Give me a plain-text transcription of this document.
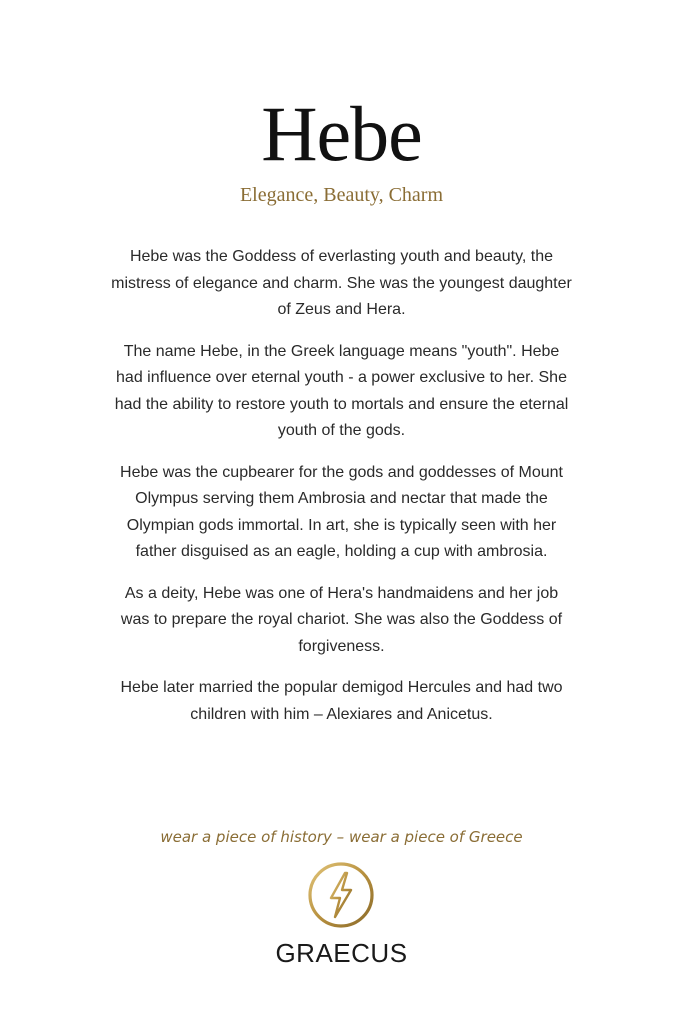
Hebe
Elegance, Beauty, Charm

Hebe was the Goddess of everlasting youth and beauty, the mistress of elegance and charm. She was the youngest daughter of Zeus and Hera.

The name Hebe, in the Greek language means "youth". Hebe had influence over eternal youth - a power exclusive to her. She had the ability to restore youth to mortals and ensure the eternal youth of the gods.

Hebe was the cupbearer for the gods and goddesses of Mount Olympus serving them Ambrosia and nectar that made the Olympian gods immortal. In art, she is typically seen with her father disguised as an eagle, holding a cup with ambrosia.

As a deity, Hebe was one of Hera's handmaidens and her job was to prepare the royal chariot. She was also the Goddess of forgiveness.

Hebe later married the popular demigod Hercules and had two children with him – Alexiares and Anicetus.

wear a piece of history – wear a piece of Greece
GRAECUS
